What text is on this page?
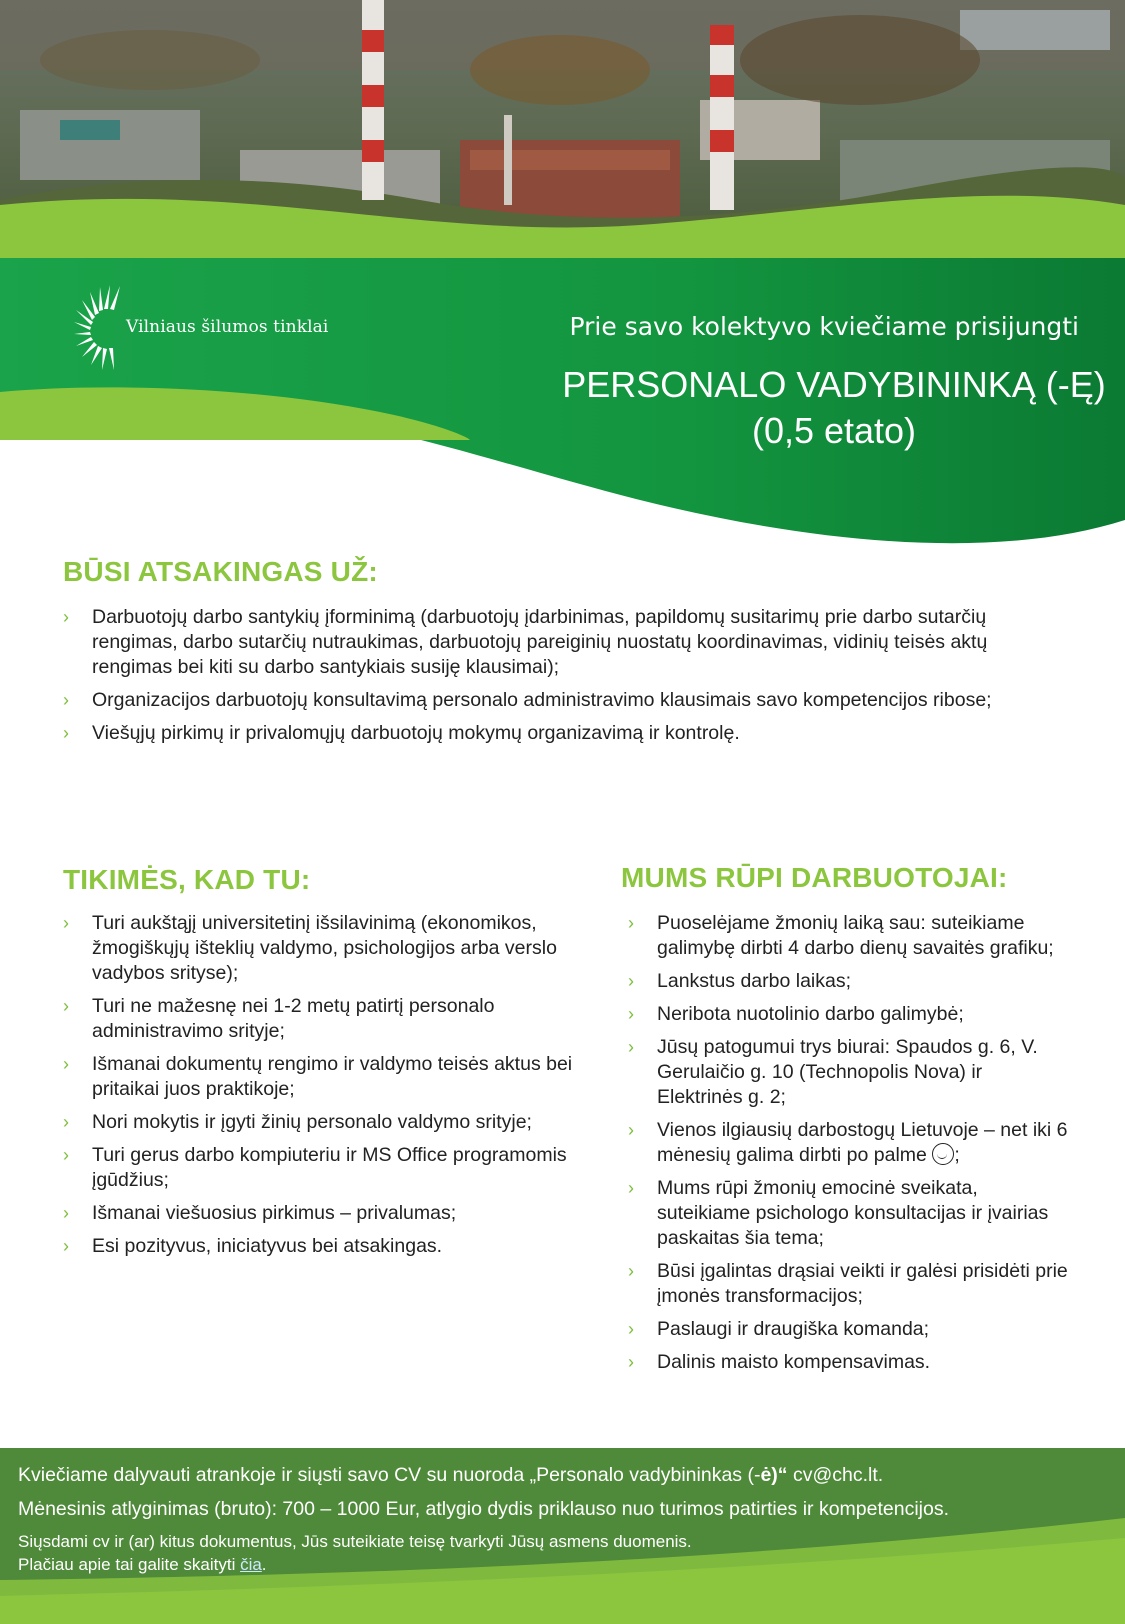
Vilniaus šilumos tinklai	Prie savo kolektyvo kviečiame prisijungti
PERSONALO VADYBININKĄ (-Ę)
(0,5 etato)
BŪSI ATSAKINGAS UŽ:
› Darbuotojų darbo santykių įforminimą (darbuotojų įdarbinimas, papildomų susitarimų prie darbo sutarčių rengimas, darbo sutarčių nutraukimas, darbuotojų pareiginių nuostatų koordinavimas, vidinių teisės aktų rengimas bei kiti su darbo santykiais susiję klausimai);
› Organizacijos darbuotojų konsultavimą personalo administravimo klausimais savo kompetencijos ribose;
› Viešųjų pirkimų ir privalomųjų darbuotojų mokymų organizavimą ir kontrolę.
TIKIMĖS, KAD TU:
› Turi aukštąjį universitetinį išsilavinimą (ekonomikos, žmogiškųjų išteklių valdymo, psichologijos arba verslo vadybos srityse);
› Turi ne mažesnę nei 1-2 metų patirtį personalo administravimo srityje;
› Išmanai dokumentų rengimo ir valdymo teisės aktus bei pritaikai juos praktikoje;
› Nori mokytis ir įgyti žinių personalo valdymo srityje;
› Turi gerus darbo kompiuteriu ir MS Office programomis įgūdžius;
› Išmanai viešuosius pirkimus – privalumas;
› Esi pozityvus, iniciatyvus bei atsakingas.
MUMS RŪPI DARBUOTOJAI:
› Puoselėjame žmonių laiką sau: suteikiame galimybę dirbti 4 darbo dienų savaitės grafiku;
› Lankstus darbo laikas;
› Neribota nuotolinio darbo galimybė;
› Jūsų patogumui trys biurai: Spaudos g. 6, V. Gerulaičio g. 10 (Technopolis Nova) ir Elektrinės g. 2;
› Vienos ilgiausių darbostogų Lietuvoje – net iki 6 mėnesių galima dirbti po palme ;
› Mums rūpi žmonių emocinė sveikata, suteikiame psichologo konsultacijas ir įvairias paskaitas šia tema;
› Būsi įgalintas drąsiai veikti ir galėsi prisidėti prie įmonės transformacijos;
› Paslaugi ir draugiška komanda;
› Dalinis maisto kompensavimas.
Kviečiame dalyvauti atrankoje ir siųsti savo CV su nuoroda „Personalo vadybininkas (-ė)“ cv@chc.lt.
Mėnesinis atlyginimas (bruto): 700 – 1000 Eur, atlygio dydis priklauso nuo turimos patirties ir kompetencijos.
Siųsdami cv ir (ar) kitus dokumentus, Jūs suteikiate teisę tvarkyti Jūsų asmens duomenis.
Plačiau apie tai galite skaityti čia.
